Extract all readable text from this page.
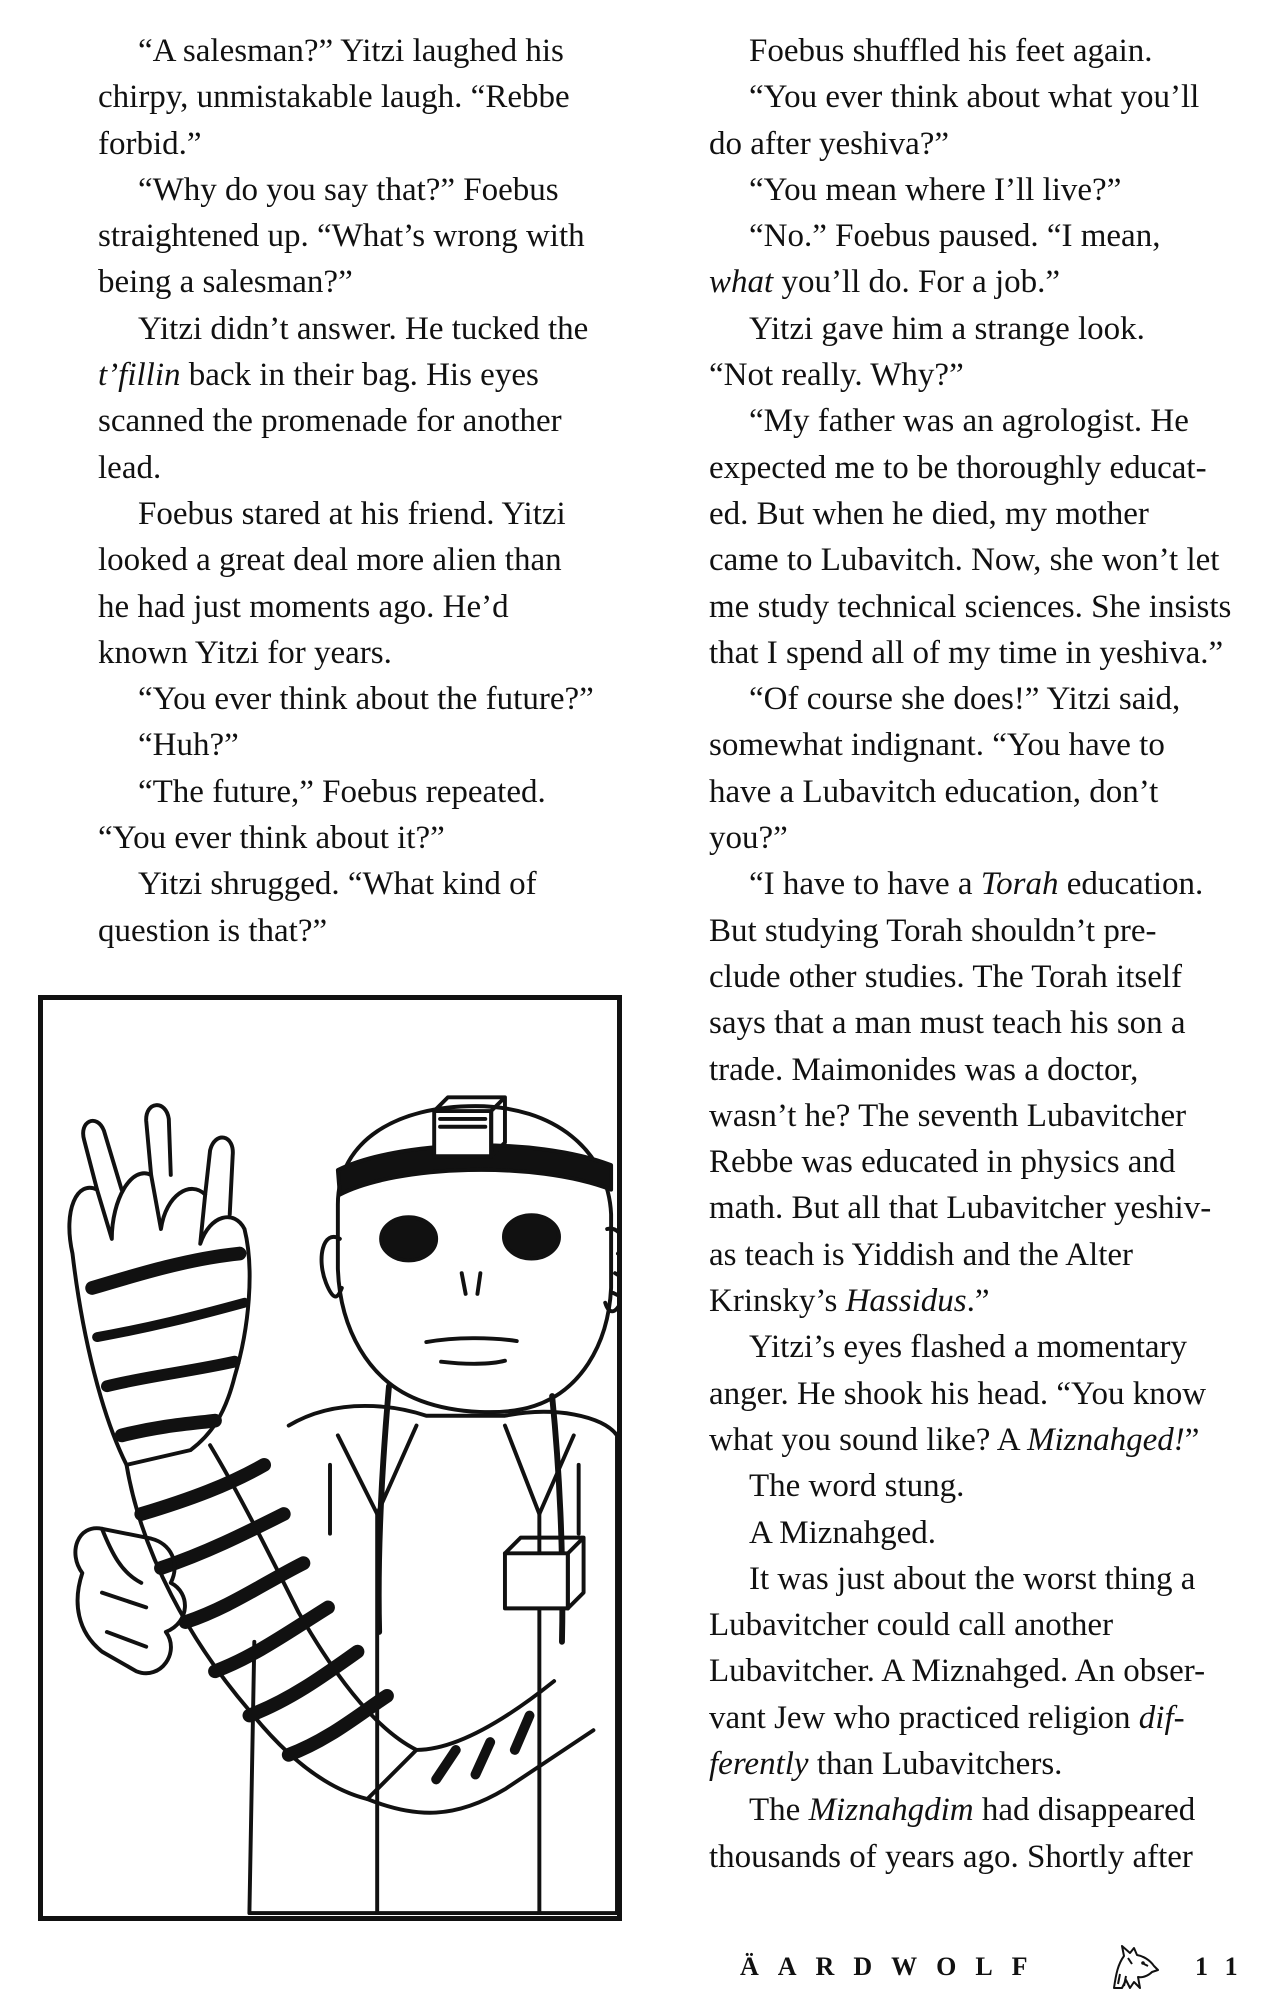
“A salesman?” Yitzi laughed his
chirpy, unmistakable laugh. “Rebbe
forbid.”

“Why do you say that?” Foebus
straightened up. “What’s wrong with
being a salesman?”

Yitzi didn’t answer. He tucked the
t’fillin back in their bag. His eyes
scanned the promenade for another
lead.

Foebus stared at his friend. Yitzi
looked a great deal more alien than
he had just moments ago. He’d
known Yitzi for years.

“You ever think about the future?”

“Huh?”

“The future,” Foebus repeated.
“You ever think about it?”

Yitzi shrugged. “What kind of
question is that?”

Foebus shuffled his feet again.

“You ever think about what you’ll
do after yeshiva?”

“You mean where I’ll live?”

“No.” Foebus paused. “I mean,
what you’ll do. For a job.”

Yitzi gave him a strange look.
“Not really. Why?”

“My father was an agrologist. He
expected me to be thoroughly educat-
ed. But when he died, my mother
came to Lubavitch. Now, she won’t let
me study technical sciences. She insists
that I spend all of my time in yeshiva.”

“Of course she does!” Yitzi said,
somewhat indignant. “You have to
have a Lubavitch education, don’t
you?”

“I have to have a Torah education.
But studying Torah shouldn’t pre-
clude other studies. The Torah itself
says that a man must teach his son a
trade. Maimonides was a doctor,
wasn’t he? The seventh Lubavitcher
Rebbe was educated in physics and
math. But all that Lubavitcher yeshiv-
as teach is Yiddish and the Alter
Krinsky’s Hassidus.”

Yitzi’s eyes flashed a momentary
anger. He shook his head. “You know
what you sound like? A Miznahged!”

The word stung.

A Miznahged.

It was just about the worst thing a
Lubavitcher could call another
Lubavitcher. A Miznahged. An obser-
vant Jew who practiced religion dif-
ferently than Lubavitchers.

The Miznahgdim had disappeared
thousands of years ago. Shortly after

ÄARDWOLF	11
